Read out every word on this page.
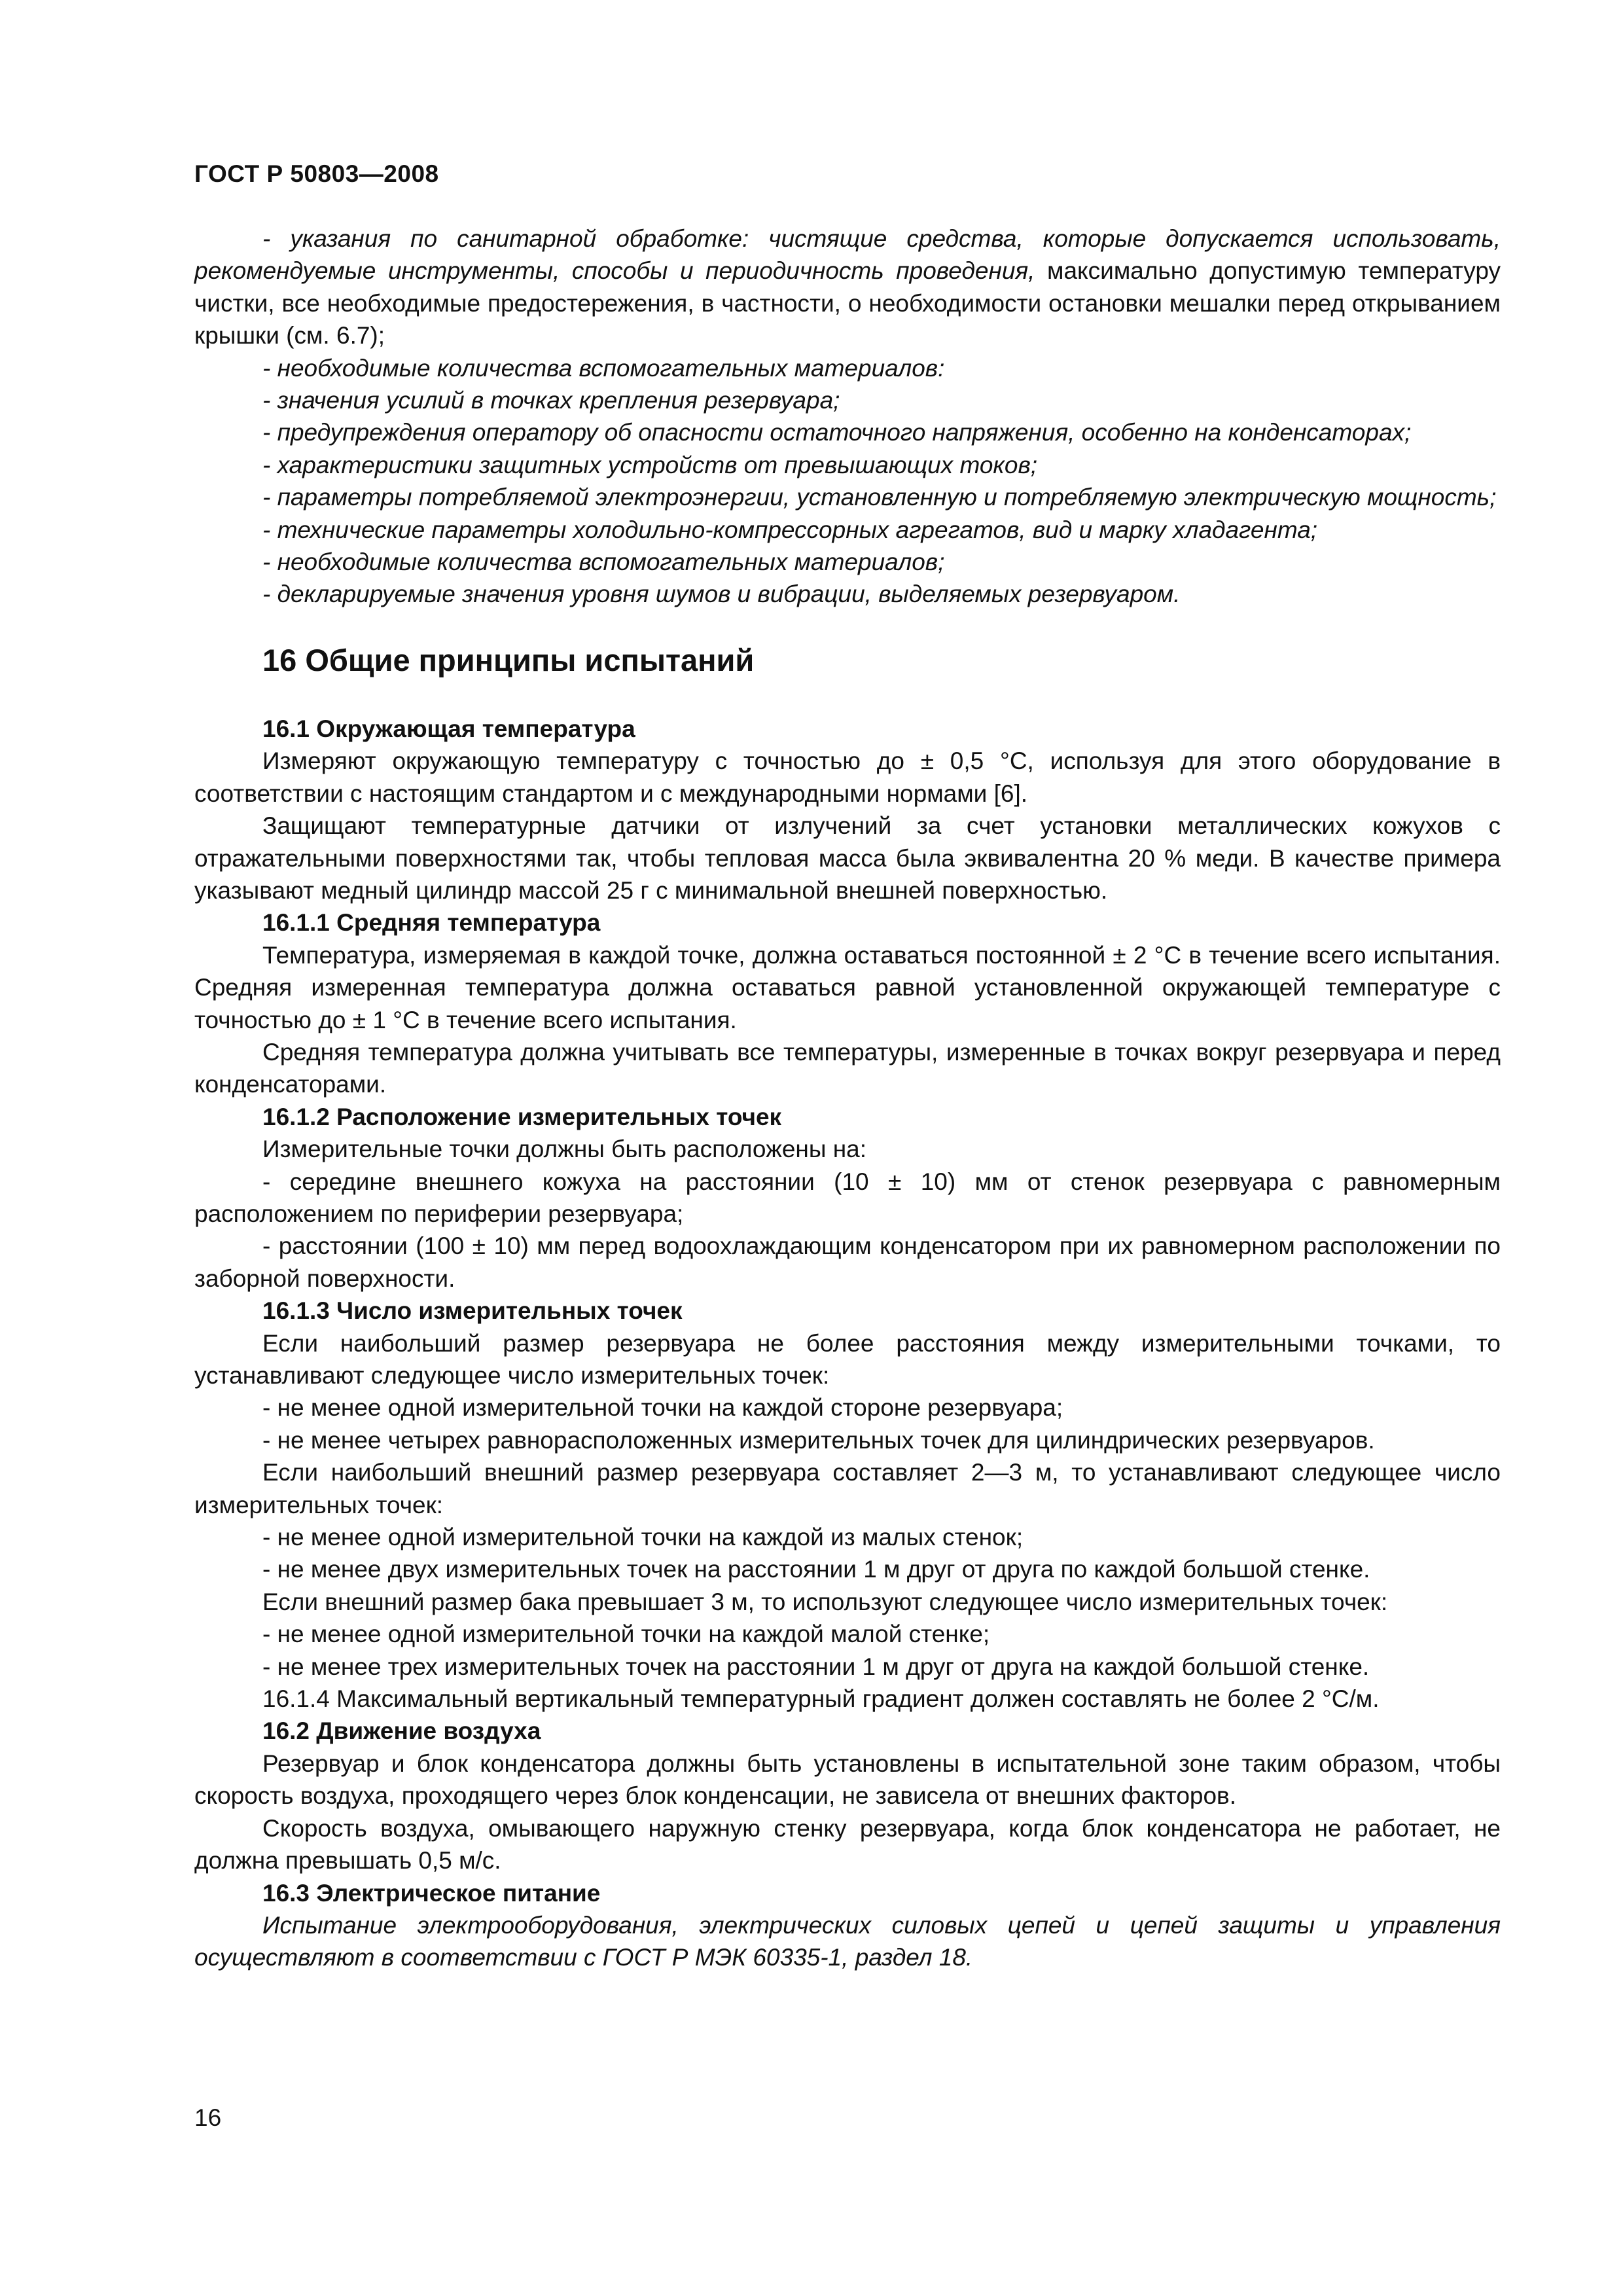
ГОСТ Р 50803—2008

- указания по санитарной обработке: чистящие средства, которые допускается использовать, рекомендуемые инструменты, способы и периодичность проведения, максимально допустимую температуру чистки, все необходимые предостережения, в частности, о необходимости остановки мешалки перед открыванием крышки (см. 6.7);

- необходимые количества вспомогательных материалов:

- значения усилий в точках крепления резервуара;

- предупреждения оператору об опасности остаточного напряжения, особенно на конденсаторах;

- характеристики защитных устройств от превышающих токов;

- параметры потребляемой электроэнергии, установленную и потребляемую электрическую мощность;

- технические параметры холодильно-компрессорных агрегатов, вид и марку хладагента;

- необходимые количества вспомогательных материалов;

- декларируемые значения уровня шумов и вибрации, выделяемых резервуаром.

16 Общие принципы испытаний

16.1 Окружающая температура

Измеряют окружающую температуру с точностью до ± 0,5 °С, используя для этого оборудование в соответствии с настоящим стандартом и с международными нормами [6].

Защищают температурные датчики от излучений за счет установки металлических кожухов с отражательными поверхностями так, чтобы тепловая масса была эквивалентна 20 % меди. В качестве примера указывают медный цилиндр массой 25 г с минимальной внешней поверхностью.

16.1.1 Средняя температура

Температура, измеряемая в каждой точке, должна оставаться постоянной ± 2 °С в течение всего испытания. Средняя измеренная температура должна оставаться равной установленной окружающей температуре с точностью до ± 1 °С в течение всего испытания.

Средняя температура должна учитывать все температуры, измеренные в точках вокруг резервуара и перед конденсаторами.

16.1.2 Расположение измерительных точек

Измерительные точки должны быть расположены на:

- середине внешнего кожуха на расстоянии (10 ± 10) мм от стенок резервуара с равномерным расположением по периферии резервуара;

- расстоянии (100 ± 10) мм перед водоохлаждающим конденсатором при их равномерном расположении по заборной поверхности.

16.1.3 Число измерительных точек

Если наибольший размер резервуара не более расстояния между измерительными точками, то устанавливают следующее число измерительных точек:

- не менее одной измерительной точки на каждой стороне резервуара;

- не менее четырех равнорасположенных измерительных точек для цилиндрических резервуаров.

Если наибольший внешний размер резервуара составляет 2—3 м, то устанавливают следующее число измерительных точек:

- не менее одной измерительной точки на каждой из малых стенок;

- не менее двух измерительных точек на расстоянии 1 м друг от друга по каждой большой стенке.

Если внешний размер бака превышает 3 м, то используют следующее число измерительных точек:

- не менее одной измерительной точки на каждой малой стенке;

- не менее трех измерительных точек на расстоянии 1 м друг от друга на каждой большой стенке.

16.1.4 Максимальный вертикальный температурный градиент должен составлять не более 2 °С/м.

16.2 Движение воздуха

Резервуар и блок конденсатора должны быть установлены в испытательной зоне таким образом, чтобы скорость воздуха, проходящего через блок конденсации, не зависела от внешних факторов.

Скорость воздуха, омывающего наружную стенку резервуара, когда блок конденсатора не работает, не должна превышать 0,5 м/с.

16.3 Электрическое питание

Испытание электрооборудования, электрических силовых цепей и цепей защиты и управления осуществляют в соответствии с ГОСТ Р МЭК 60335-1, раздел 18.

16
